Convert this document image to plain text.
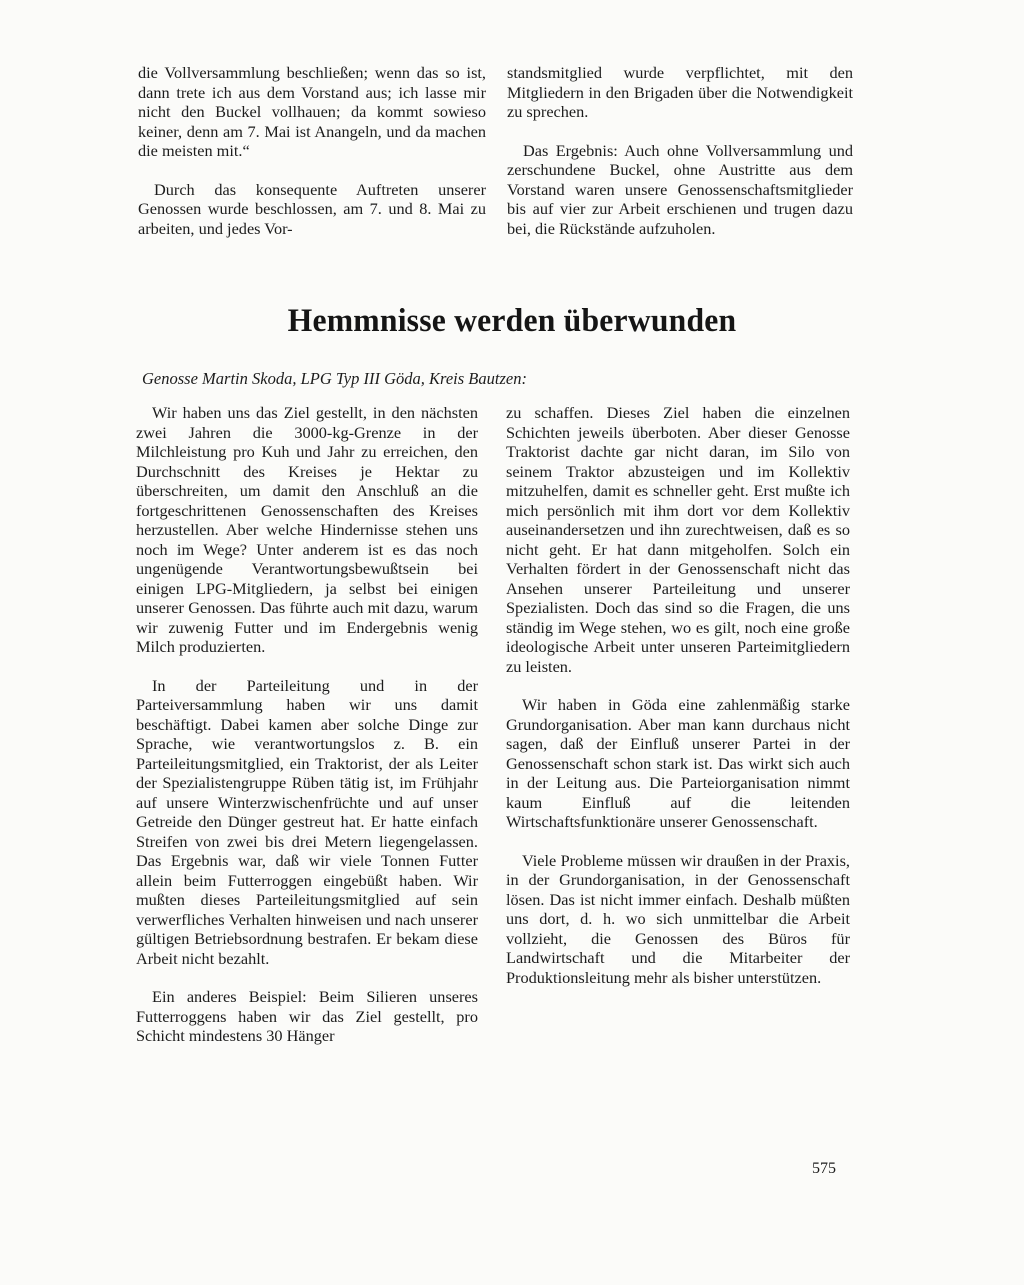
die Vollversammlung beschließen; wenn das so ist, dann trete ich aus dem Vorstand aus; ich lasse mir nicht den Buckel vollhauen; da kommt sowieso keiner, denn am 7. Mai ist Anangeln, und da machen die meisten mit.“

Durch das konsequente Auftreten unserer Genossen wurde beschlossen, am 7. und 8. Mai zu arbeiten, und jedes Vor-

standsmitglied wurde verpflichtet, mit den Mitgliedern in den Brigaden über die Notwendigkeit zu sprechen.

Das Ergebnis: Auch ohne Vollversammlung und zerschundene Buckel, ohne Austritte aus dem Vorstand waren unsere Genossenschaftsmitglieder bis auf vier zur Arbeit erschienen und trugen dazu bei, die Rückstände aufzuholen.

Hemmnisse werden überwunden
Genosse Martin Skoda, LPG Typ III Göda, Kreis Bautzen:

Wir haben uns das Ziel gestellt, in den nächsten zwei Jahren die 3000-kg-Grenze in der Milchleistung pro Kuh und Jahr zu erreichen, den Durchschnitt des Kreises je Hektar zu überschreiten, um damit den Anschluß an die fortgeschrittenen Genossenschaften des Kreises herzustellen. Aber welche Hindernisse stehen uns noch im Wege? Unter anderem ist es das noch ungenügende Verantwortungsbewußtsein bei einigen LPG-Mitgliedern, ja selbst bei einigen unserer Genossen. Das führte auch mit dazu, warum wir zuwenig Futter und im Endergebnis wenig Milch produzierten.

In der Parteileitung und in der Parteiversammlung haben wir uns damit beschäftigt. Dabei kamen aber solche Dinge zur Sprache, wie verantwortungslos z. B. ein Parteileitungsmitglied, ein Traktorist, der als Leiter der Spezialistengruppe Rüben tätig ist, im Frühjahr auf unsere Winterzwischenfrüchte und auf unser Getreide den Dünger gestreut hat. Er hatte einfach Streifen von zwei bis drei Metern liegengelassen. Das Ergebnis war, daß wir viele Tonnen Futter allein beim Futterroggen eingebüßt haben. Wir mußten dieses Parteileitungsmitglied auf sein verwerfliches Verhalten hinweisen und nach unserer gültigen Betriebsordnung bestrafen. Er bekam diese Arbeit nicht bezahlt.

Ein anderes Beispiel: Beim Silieren unseres Futterroggens haben wir das Ziel gestellt, pro Schicht mindestens 30 Hänger

zu schaffen. Dieses Ziel haben die einzelnen Schichten jeweils überboten. Aber dieser Genosse Traktorist dachte gar nicht daran, im Silo von seinem Traktor abzusteigen und im Kollektiv mitzuhelfen, damit es schneller geht. Erst mußte ich mich persönlich mit ihm dort vor dem Kollektiv auseinandersetzen und ihn zurechtweisen, daß es so nicht geht. Er hat dann mitgeholfen. Solch ein Verhalten fördert in der Genossenschaft nicht das Ansehen unserer Parteileitung und unserer Spezialisten. Doch das sind so die Fragen, die uns ständig im Wege stehen, wo es gilt, noch eine große ideologische Arbeit unter unseren Parteimitgliedern zu leisten.

Wir haben in Göda eine zahlenmäßig starke Grundorganisation. Aber man kann durchaus nicht sagen, daß der Einfluß unserer Partei in der Genossenschaft schon stark ist. Das wirkt sich auch in der Leitung aus. Die Parteiorganisation nimmt kaum Einfluß auf die leitenden Wirtschaftsfunktionäre unserer Genossenschaft.

Viele Probleme müssen wir draußen in der Praxis, in der Grundorganisation, in der Genossenschaft lösen. Das ist nicht immer einfach. Deshalb müßten uns dort, d. h. wo sich unmittelbar die Arbeit vollzieht, die Genossen des Büros für Landwirtschaft und die Mitarbeiter der Produktionsleitung mehr als bisher unterstützen.

575
